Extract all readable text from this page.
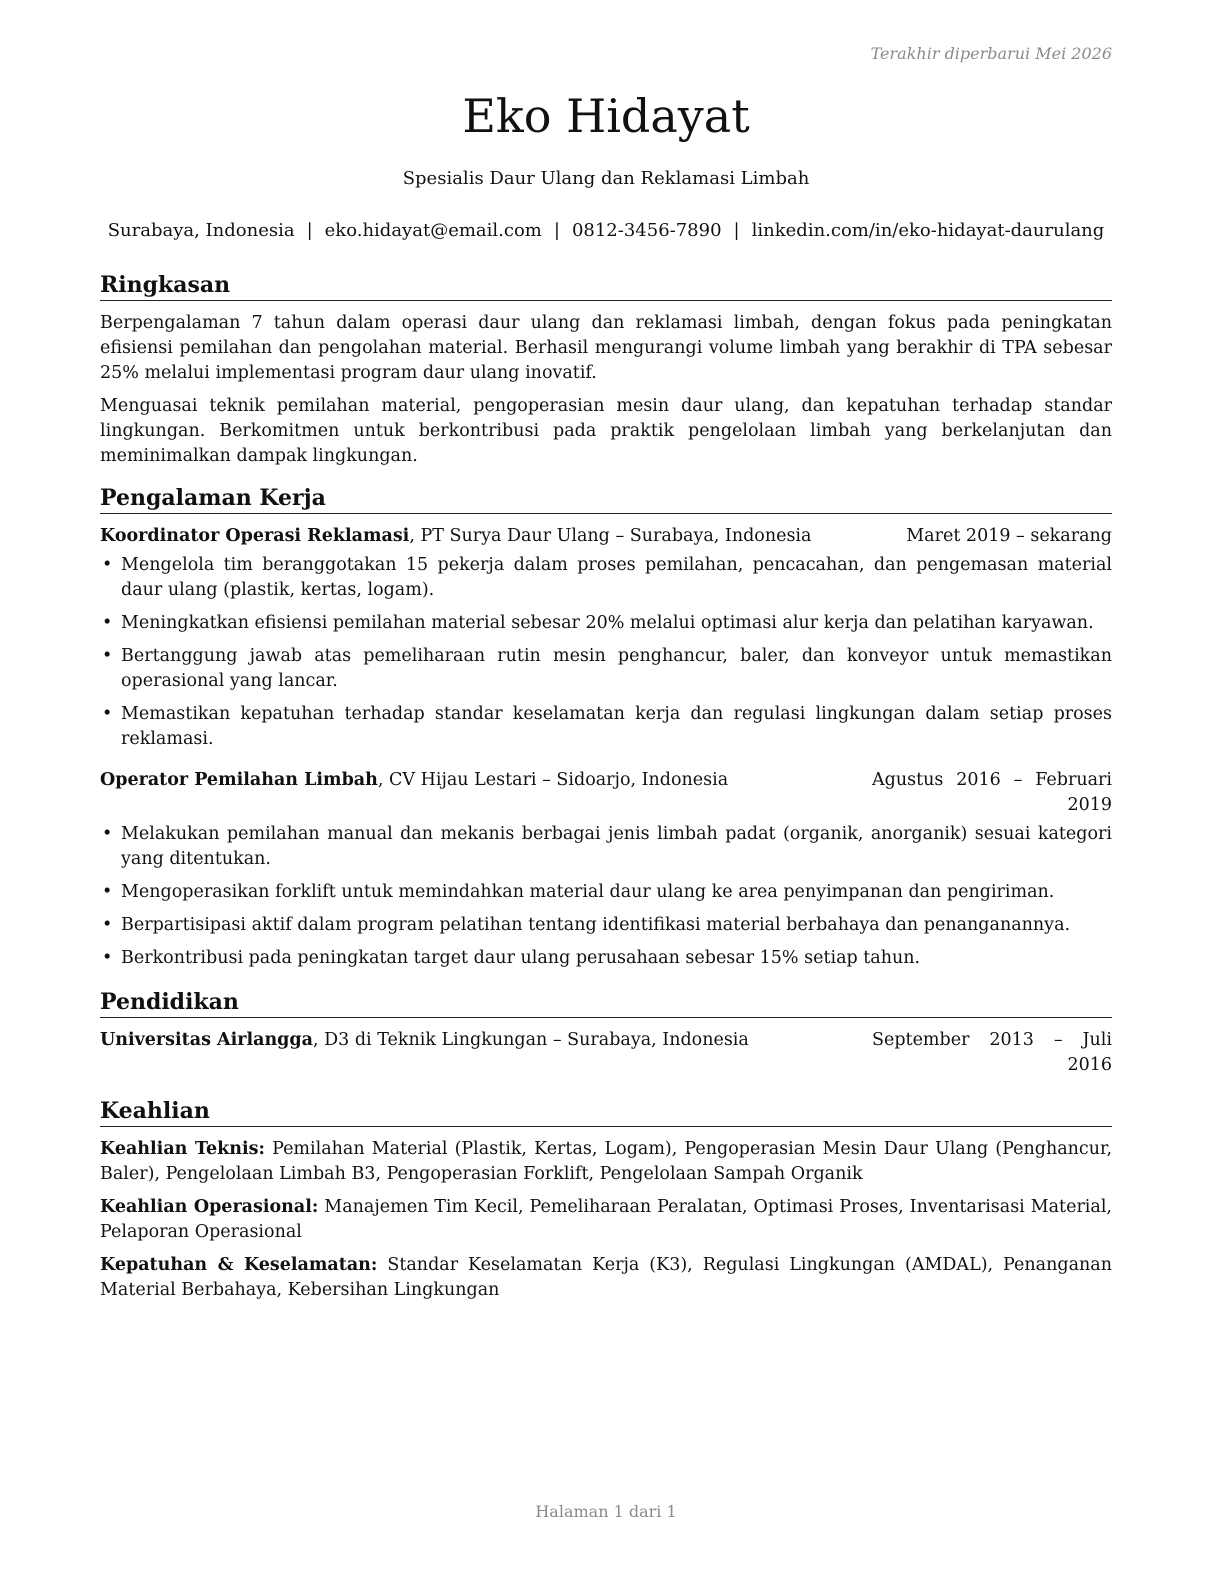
Terakhir diperbarui Mei 2026
Eko Hidayat
Spesialis Daur Ulang dan Reklamasi Limbah
Surabaya, Indonesia | eko.hidayat@email.com | 0812-3456-7890 | linkedin.com/in/eko-hidayat-daurulang
Ringkasan

Berpengalaman 7 tahun dalam operasi daur ulang dan reklamasi limbah, dengan fokus pada peningkatan efisiensi pemilahan dan pengolahan material. Berhasil mengurangi volume limbah yang berakhir di TPA sebesar 25% melalui implementasi program daur ulang inovatif.

Menguasai teknik pemilahan material, pengoperasian mesin daur ulang, dan kepatuhan terhadap standar lingkungan. Berkomitmen untuk berkontribusi pada praktik pengelolaan limbah yang berkelanjutan dan meminimalkan dampak lingkungan.

Pengalaman Kerja
Koordinator Operasi Reklamasi, PT Surya Daur Ulang – Surabaya, Indonesia	Maret 2019 – sekarang
• Mengelola tim beranggotakan 15 pekerja dalam proses pemilahan, pencacahan, dan pengemasan material daur ulang (plastik, kertas, logam).
• Meningkatkan efisiensi pemilahan material sebesar 20% melalui optimasi alur kerja dan pelatihan karyawan.
• Bertanggung jawab atas pemeliharaan rutin mesin penghancur, baler, dan konveyor untuk memastikan operasional yang lancar.
• Memastikan kepatuhan terhadap standar keselamatan kerja dan regulasi lingkungan dalam setiap proses reklamasi.
Operator Pemilahan Limbah, CV Hijau Lestari – Sidoarjo, Indonesia	Agustus 2016 – Februari 2019
• Melakukan pemilahan manual dan mekanis berbagai jenis limbah padat (organik, anorganik) sesuai kategori yang ditentukan.
• Mengoperasikan forklift untuk memindahkan material daur ulang ke area penyimpanan dan pengiriman.
• Berpartisipasi aktif dalam program pelatihan tentang identifikasi material berbahaya dan penanganannya.
• Berkontribusi pada peningkatan target daur ulang perusahaan sebesar 15% setiap tahun.
Pendidikan
Universitas Airlangga, D3 di Teknik Lingkungan – Surabaya, Indonesia	September 2013 – Juli 2016
Keahlian
Keahlian Teknis: Pemilahan Material (Plastik, Kertas, Logam), Pengoperasian Mesin Daur Ulang (Penghancur, Baler), Pengelolaan Limbah B3, Pengoperasian Forklift, Pengelolaan Sampah Organik
Keahlian Operasional: Manajemen Tim Kecil, Pemeliharaan Peralatan, Optimasi Proses, Inventarisasi Material, Pelaporan Operasional
Kepatuhan & Keselamatan: Standar Keselamatan Kerja (K3), Regulasi Lingkungan (AMDAL), Penanganan Material Berbahaya, Kebersihan Lingkungan
Halaman 1 dari 1
